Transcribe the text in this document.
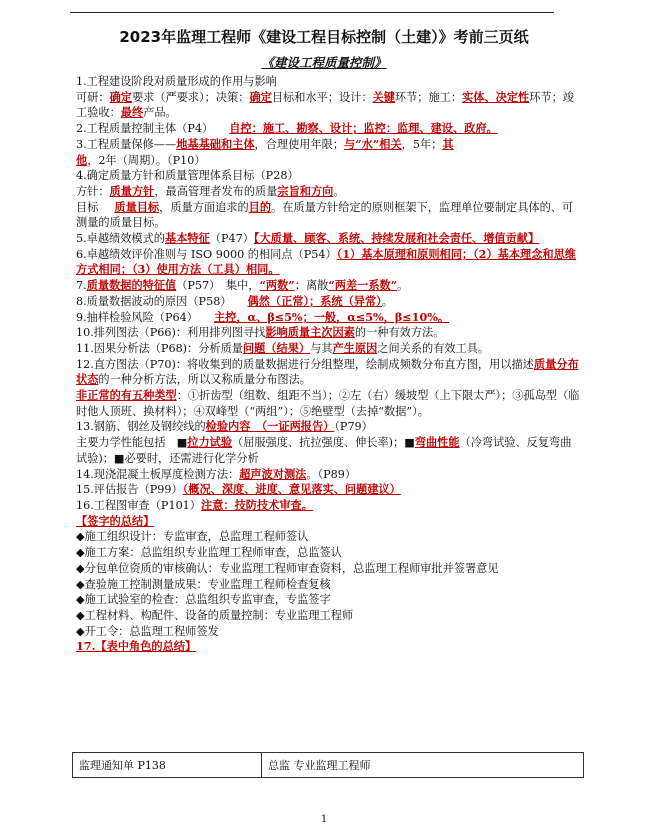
2023年监理工程师《建设工程目标控制（土建）》考前三页纸
《建设工程质量控制》

1.工程建设阶段对质量形成的作用与影响

可研：确定要求（严要求）；决策：确定目标和水平；设计：关键环节；施工：实体、决定性环节；竣工验收：最终产品。

2.工程质量控制主体（P4） 自控：施工、勘察、设计；监控：监理、建设、政府。

3.工程质量保修——地基基础和主体，合理使用年限；与“水”相关，5年；其他，2年（周期）。（P10）

4.确定质量方针和质量管理体系目标（P28）

方针：质量方针，最高管理者发布的质量宗旨和方向。

目标 质量目标，质量方面追求的目的。在质量方针给定的原则框架下，监理单位要制定具体的、可测量的质量目标。

5.卓越绩效模式的基本特征（P47）【大质量、顾客、系统、持续发展和社会责任、增值贡献】

6.卓越绩效评价准则与 ISO 9000 的相同点（P54）（1）基本原理和原则相同；（2）基本理念和思维方式相同；（3）使用方法（工具）相同。

7.质量数据的特征值（P57）　集中，“两数”；离散“两差一系数”。

8.质量数据波动的原因（P58） 偶然（正常）；系统（异常）。

9.抽样检验风险（P64） 主控，α、β≤5%；一般，α≤5%，β≤10%。

10.排列图法（P66)：利用排列图寻找影响质量主次因素的一种有效方法。

11.因果分析法（P68)：分析质量问题（结果）与其产生原因之间关系的有效工具。

12.直方图法（P70)：将收集到的质量数据进行分组整理，绘制成频数分布直方图，用以描述质量分布状态的一种分析方法，所以又称质量分布图法。

非正常的有五种类型：①折齿型（组数、组距不当）；②左（右）缓坡型（上下限太严）；③孤岛型（临时他人顶班、换材料）；④双峰型（“两组”）；⑤绝壁型（去掉“数据”）。

13.钢筋、钢丝及钢绞线的检验内容　（一证两报告）（P79）

主要力学性能包括　■拉力试验（屈服强度、抗拉强度、伸长率)；■弯曲性能（冷弯试验、反复弯曲试验)；■必要时，还需进行化学分析

14.现浇混凝土板厚度检测方法：超声波对测法。（P89）

15.评估报告（P99）（概况、深度、进度、意见落实、问题建议）

16.工程图审查（P101）注意：技防技术审查。

【签字的总结】

◆施工组织设计：专监审查，总监理工程师签认

◆施工方案：总监组织专业监理工程师审查，总监签认

◆分包单位资质的审核确认：专业监理工程师审查资料，总监理工程师审批并签署意见

◆查验施工控制测量成果：专业监理工程师检查复核

◆施工试验室的检查：总监组织专监审查，专监签字

◆工程材料、构配件、设备的质量控制：专业监理工程师

◆开工令：总监理工程师签发

17.【表中角色的总结】

监理通知单 P138	总监 专业监理工程师
1
